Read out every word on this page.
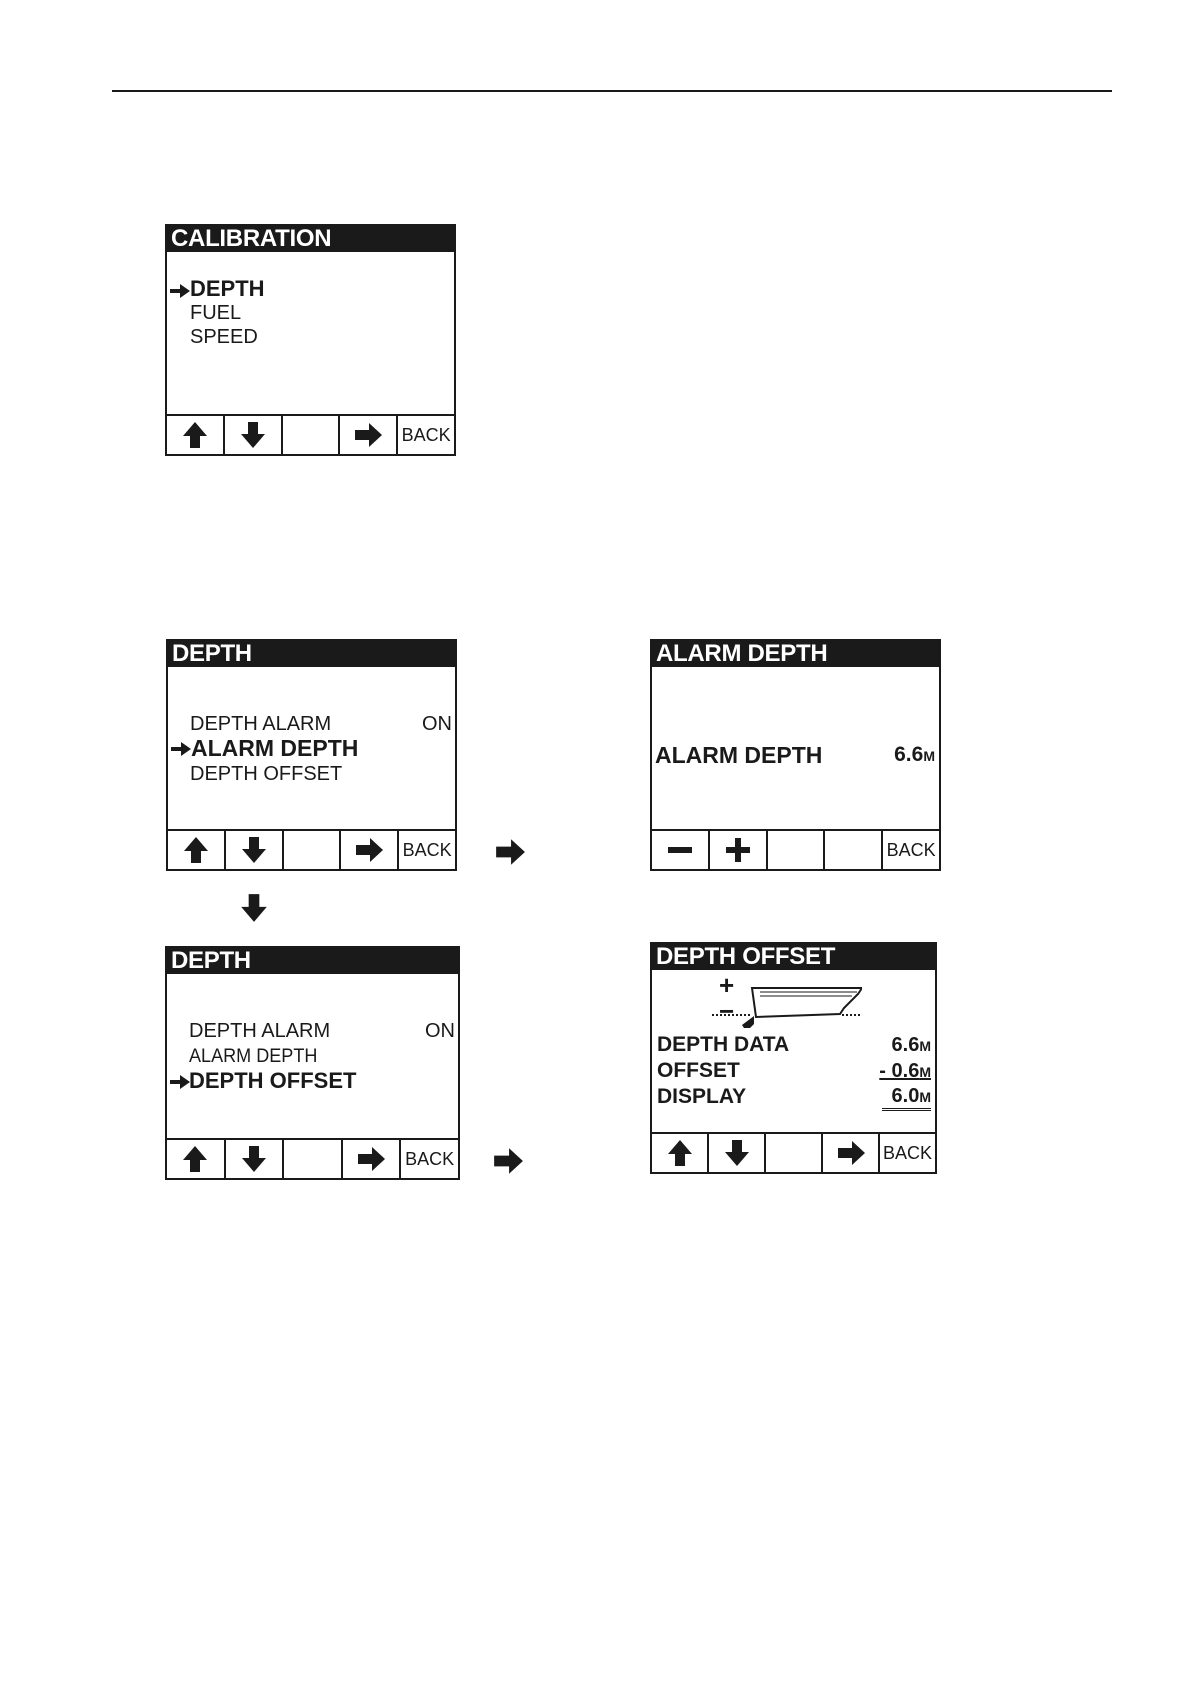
CALIBRATION
DEPTH
FUEL
SPEED
BACK
DEPTH
DEPTH ALARM	ON
ALARM DEPTH
DEPTH OFFSET
BACK
ALARM DEPTH
ALARM DEPTH	6.6M
BACK
DEPTH
DEPTH ALARM	ON
ALARM DEPTH
DEPTH OFFSET
BACK
DEPTH OFFSET
+
−
DEPTH DATA	6.6M
OFFSET	- 0.6M
DISPLAY	6.0M
BACK
